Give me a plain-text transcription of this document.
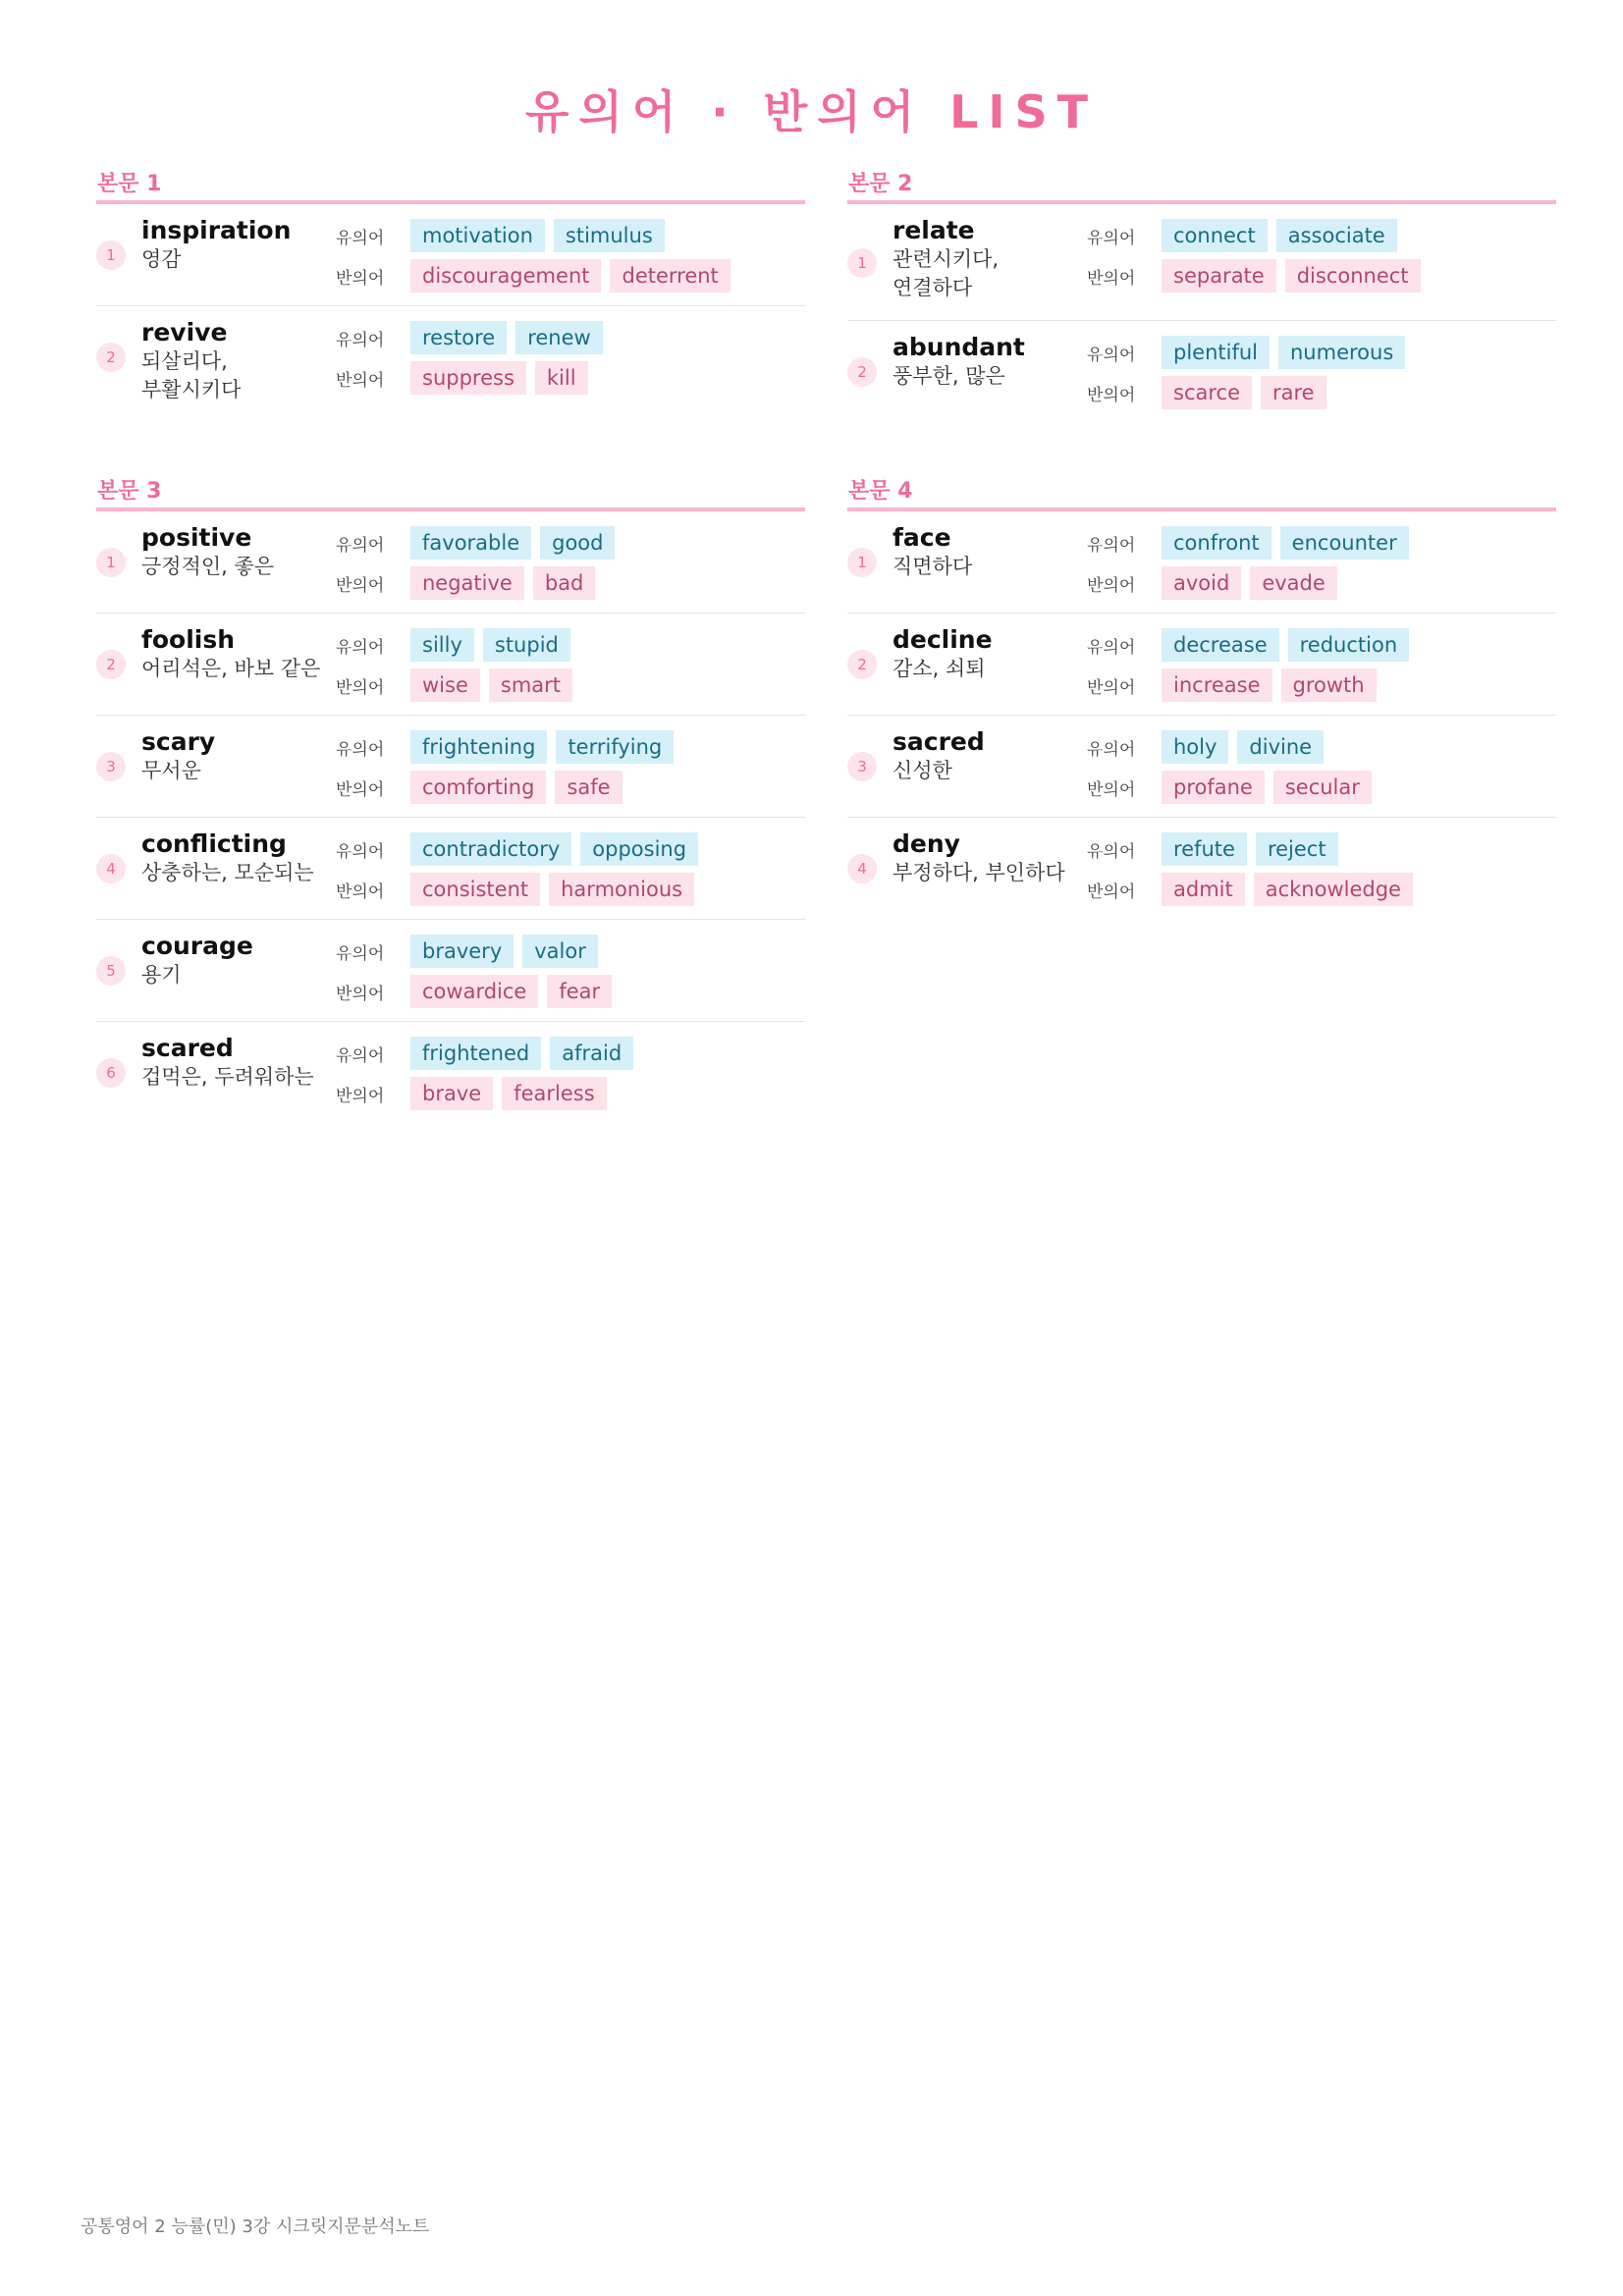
유의어 · 반의어 LIST
본문 1
1
inspiration
영감
유의어	motivation	stimulus
반의어	discouragement	deterrent
2
revive
되살리다, 부활시키다
유의어	restore	renew
반의어	suppress	kill
본문 2
1
relate
관련시키다, 연결하다
유의어	connect	associate
반의어	separate	disconnect
2
abundant
풍부한, 많은
유의어	plentiful	numerous
반의어	scarce	rare
본문 3
1
positive
긍정적인, 좋은
유의어	favorable	good
반의어	negative	bad
2
foolish
어리석은, 바보 같은
유의어	silly	stupid
반의어	wise	smart
3
scary
무서운
유의어	frightening	terrifying
반의어	comforting	safe
4
conflicting
상충하는, 모순되는
유의어	contradictory	opposing
반의어	consistent	harmonious
5
courage
용기
유의어	bravery	valor
반의어	cowardice	fear
6
scared
겁먹은, 두려워하는
유의어	frightened	afraid
반의어	brave	fearless
본문 4
1
face
직면하다
유의어	confront	encounter
반의어	avoid	evade
2
decline
감소, 쇠퇴
유의어	decrease	reduction
반의어	increase	growth
3
sacred
신성한
유의어	holy	divine
반의어	profane	secular
4
deny
부정하다, 부인하다
유의어	refute	reject
반의어	admit	acknowledge
공통영어 2 능률(민) 3강 시크릿지문분석노트
